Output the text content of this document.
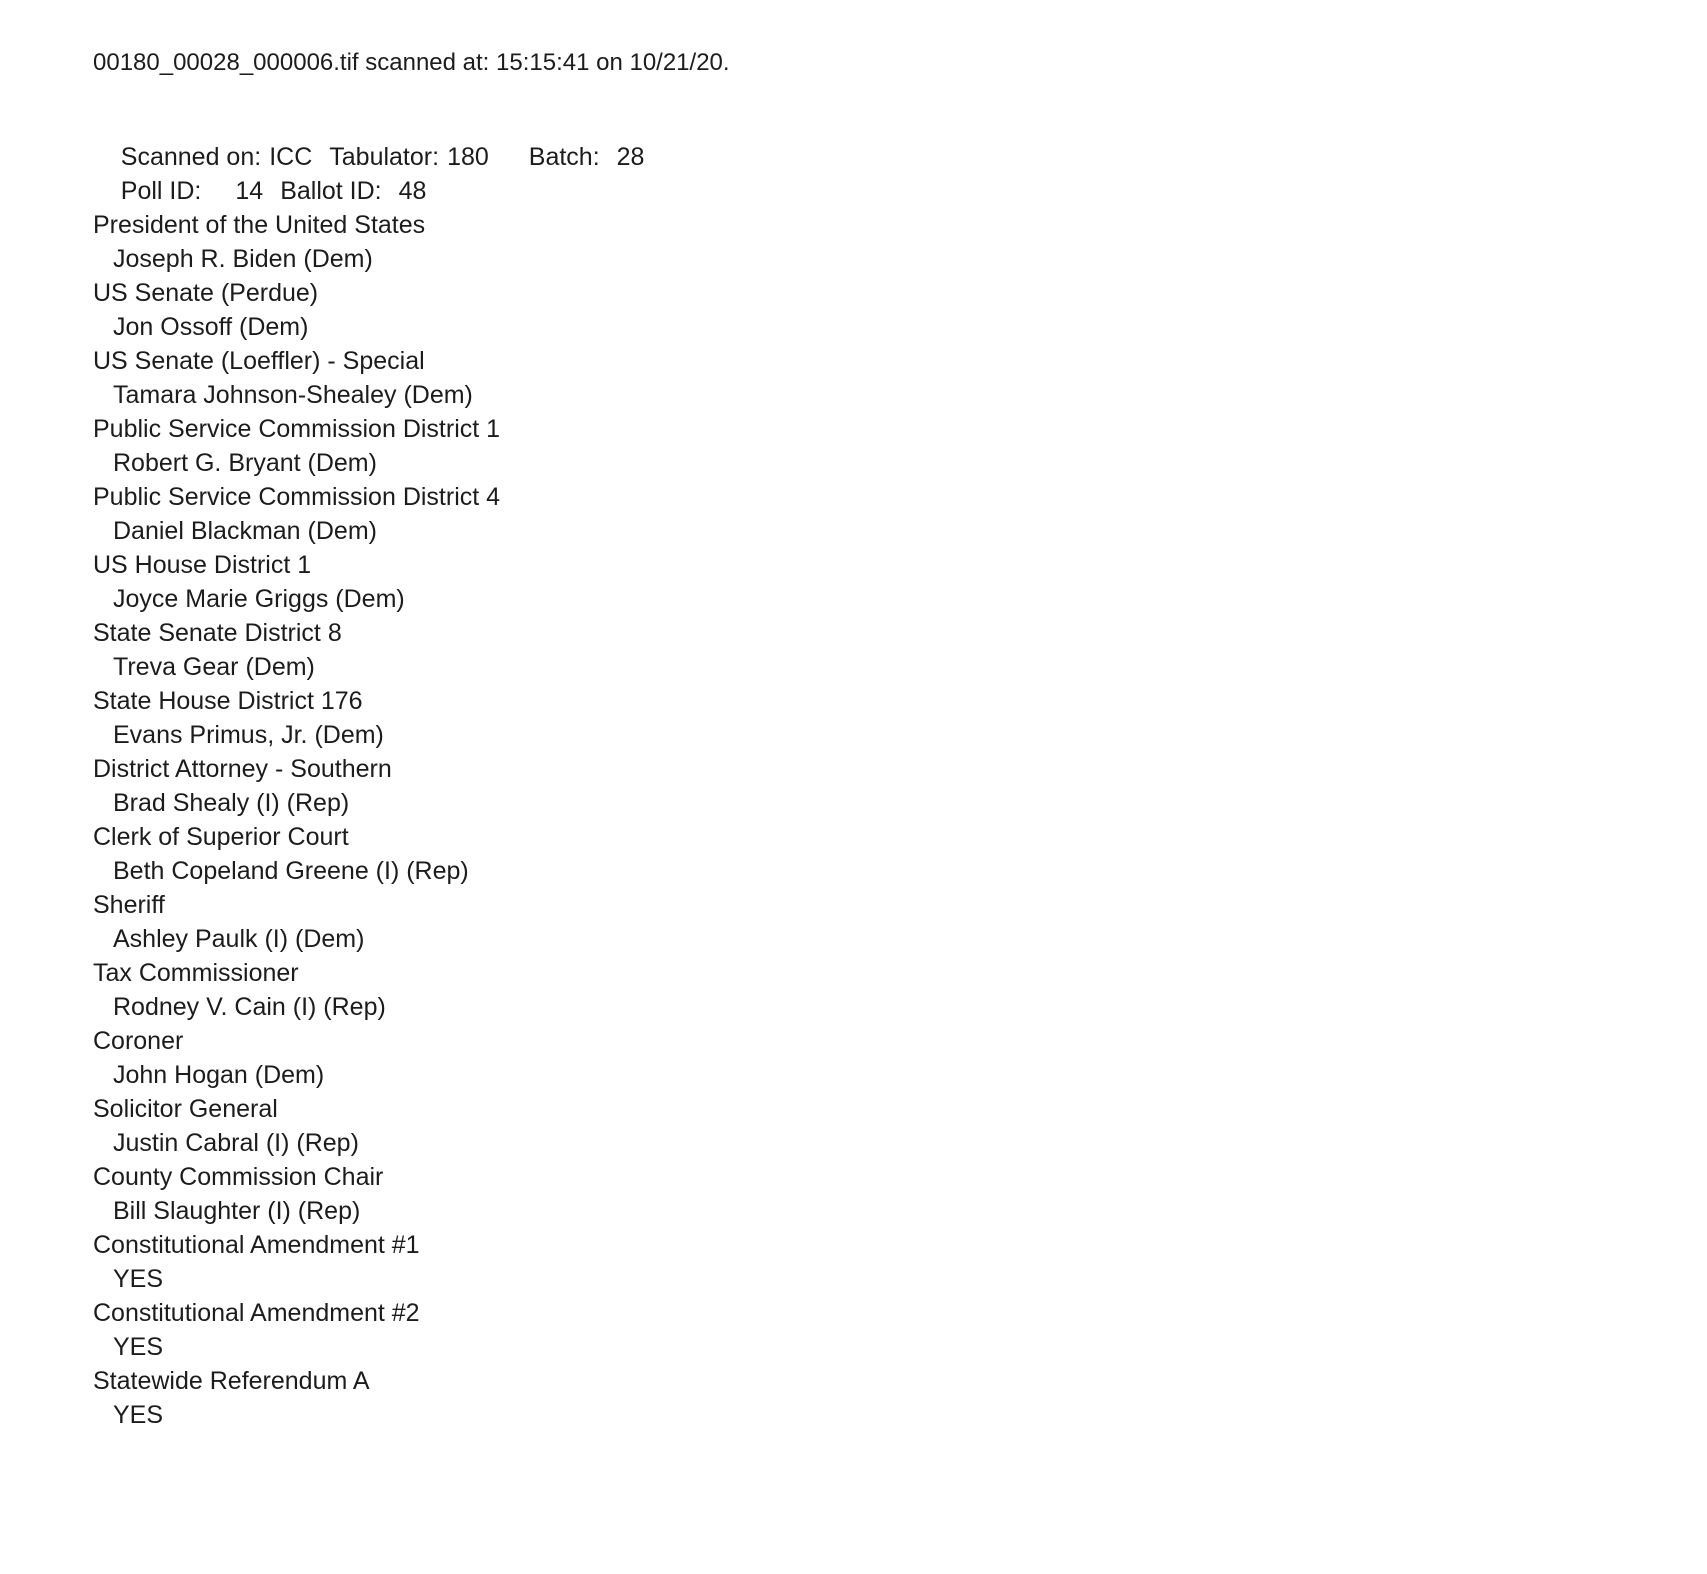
00180_00028_000006.tif scanned at: 15:15:41 on 10/21/20.

Scanned on: ICC Tabulator: 180 Batch: 28

Poll ID: 14 Ballot ID: 48

President of the United States
Joseph R. Biden (Dem)
US Senate (Perdue)
Jon Ossoff (Dem)
US Senate (Loeffler) - Special
Tamara Johnson-Shealey (Dem)
Public Service Commission District 1
Robert G. Bryant (Dem)
Public Service Commission District 4
Daniel Blackman (Dem)
US House District 1
Joyce Marie Griggs (Dem)
State Senate District 8
Treva Gear (Dem)
State House District 176
Evans Primus, Jr. (Dem)
District Attorney - Southern
Brad Shealy (I) (Rep)
Clerk of Superior Court
Beth Copeland Greene (I) (Rep)
Sheriff
Ashley Paulk (I) (Dem)
Tax Commissioner
Rodney V. Cain (I) (Rep)
Coroner
John Hogan (Dem)
Solicitor General
Justin Cabral (I) (Rep)
County Commission Chair
Bill Slaughter (I) (Rep)
Constitutional Amendment #1
YES
Constitutional Amendment #2
YES
Statewide Referendum A
YES
